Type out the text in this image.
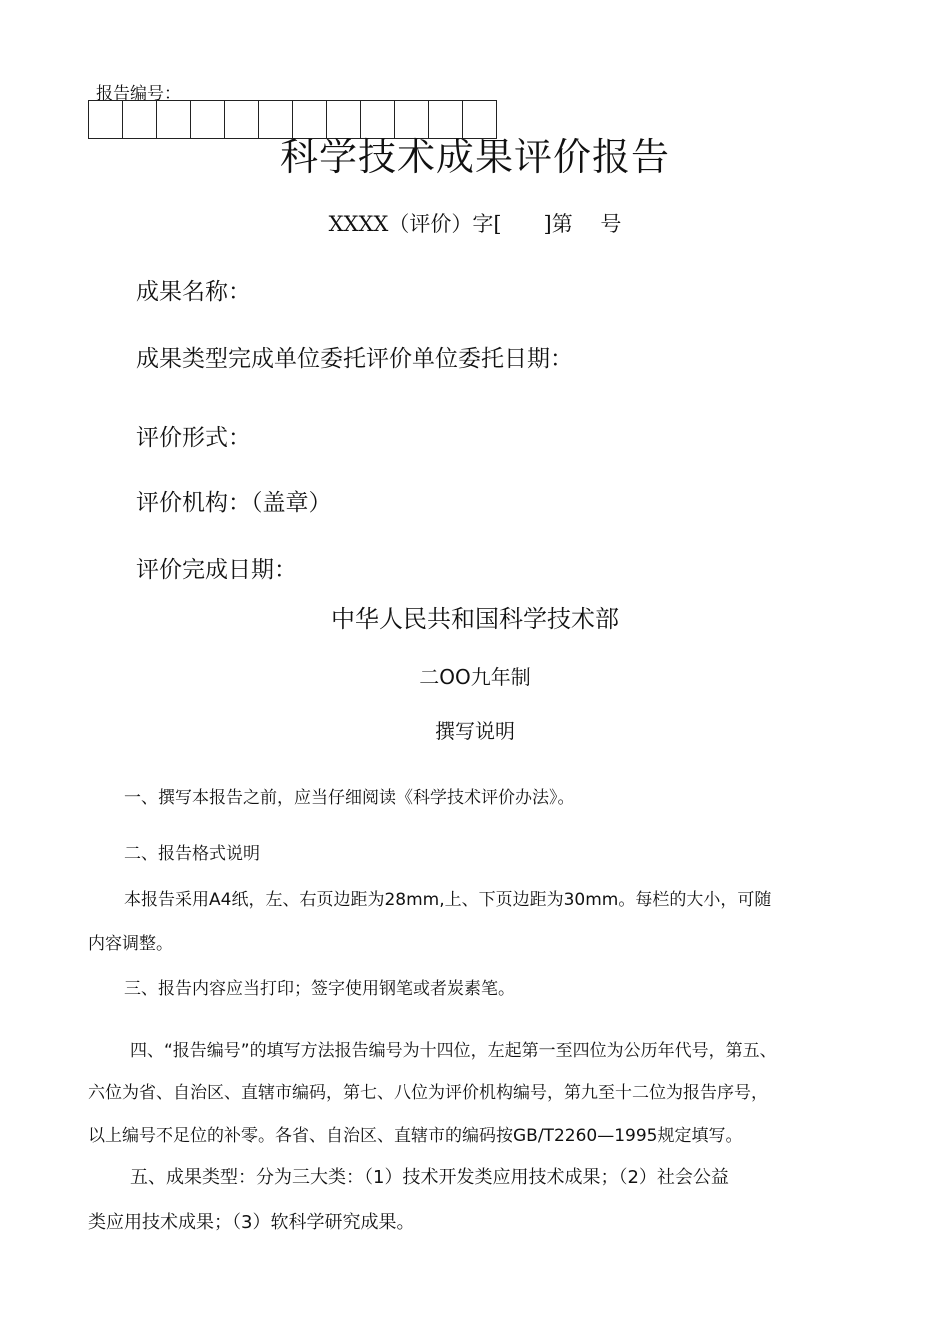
报告编号：
科学技术成果评价报告
XXXX（评价）字[　　]第　 号
成果名称：
成果类型完成单位委托评价单位委托日期：
评价形式：
评价机构：（盖章）
评价完成日期：
中华人民共和国科学技术部
二OO九年制
撰写说明
一、撰写本报告之前，应当仔细阅读《科学技术评价办法》。
二、报告格式说明
本报告采用A4纸，左、右页边距为28mm,上、下页边距为30mm。每栏的大小，可随
内容调整。
三、报告内容应当打印；签字使用钢笔或者炭素笔。
四、“报告编号”的填写方法报告编号为十四位，左起第一至四位为公历年代号，第五、
六位为省、自治区、直辖市编码，第七、八位为评价机构编号，第九至十二位为报告序号，
以上编号不足位的补零。各省、自治区、直辖市的编码按GB/T2260—1995规定填写。
五、成果类型：分为三大类：（1）技术开发类应用技术成果；（2）社会公益
类应用技术成果；（3）软科学研究成果。
